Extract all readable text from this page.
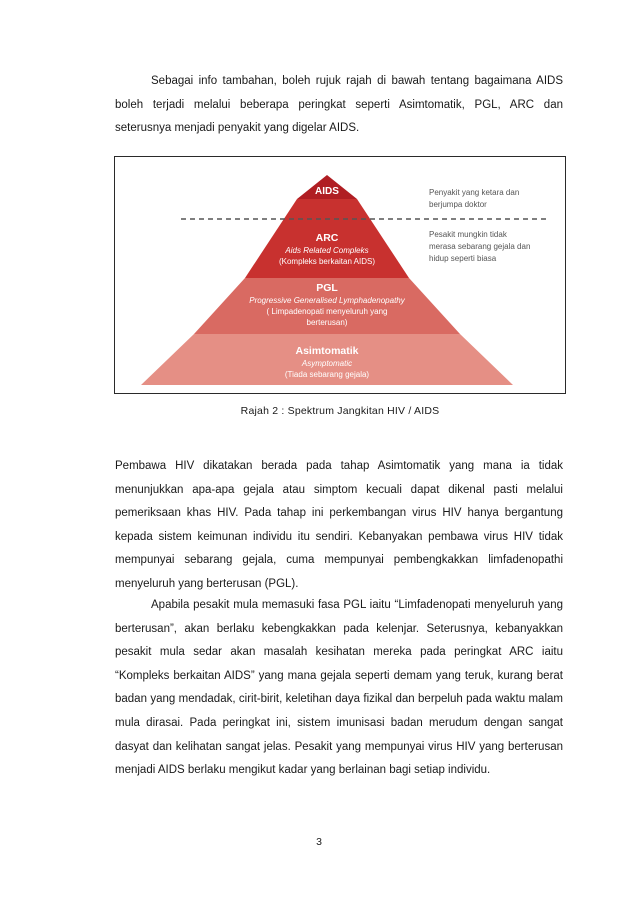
Sebagai info tambahan, boleh rujuk rajah di bawah tentang bagaimana AIDS boleh terjadi melalui beberapa peringkat seperti Asimtomatik, PGL, ARC dan seterusnya menjadi penyakit yang digelar AIDS.

AIDS
ARC
Aids Related Compleks
(Kompleks berkaitan AIDS)
PGL
Progressive Generalised Lymphadenopathy
( Limpadenopati menyeluruh yang
berterusan)
Asimtomatik
Asymptomatic
(Tiada sebarang gejala)
Penyakit yang ketara dan
berjumpa doktor
Pesakit mungkin tidak
merasa sebarang gejala dan
hidup seperti biasa
Rajah 2 : Spektrum Jangkitan HIV / AIDS

Pembawa HIV dikatakan berada pada tahap Asimtomatik yang mana ia tidak menunjukkan apa-apa gejala atau simptom kecuali dapat dikenal pasti melalui pemeriksaan khas HIV. Pada tahap ini perkembangan virus HIV hanya bergantung kepada sistem keimunan individu itu sendiri. Kebanyakan pembawa virus HIV tidak mempunyai sebarang gejala, cuma mempunyai pembengkakkan limfadenopathi menyeluruh yang berterusan (PGL).

Apabila pesakit mula memasuki fasa PGL iaitu “Limfadenopati menyeluruh yang berterusan”, akan berlaku kebengkakkan pada kelenjar. Seterusnya, kebanyakkan pesakit mula sedar akan masalah kesihatan mereka pada peringkat ARC iaitu “Kompleks berkaitan AIDS” yang mana gejala seperti demam yang teruk, kurang berat badan yang mendadak, cirit-birit, keletihan daya fizikal dan berpeluh pada waktu malam mula dirasai. Pada peringkat ini, sistem imunisasi badan merudum dengan sangat dasyat dan kelihatan sangat jelas. Pesakit yang mempunyai virus HIV yang berterusan menjadi AIDS berlaku mengikut kadar yang berlainan bagi setiap individu.

3
